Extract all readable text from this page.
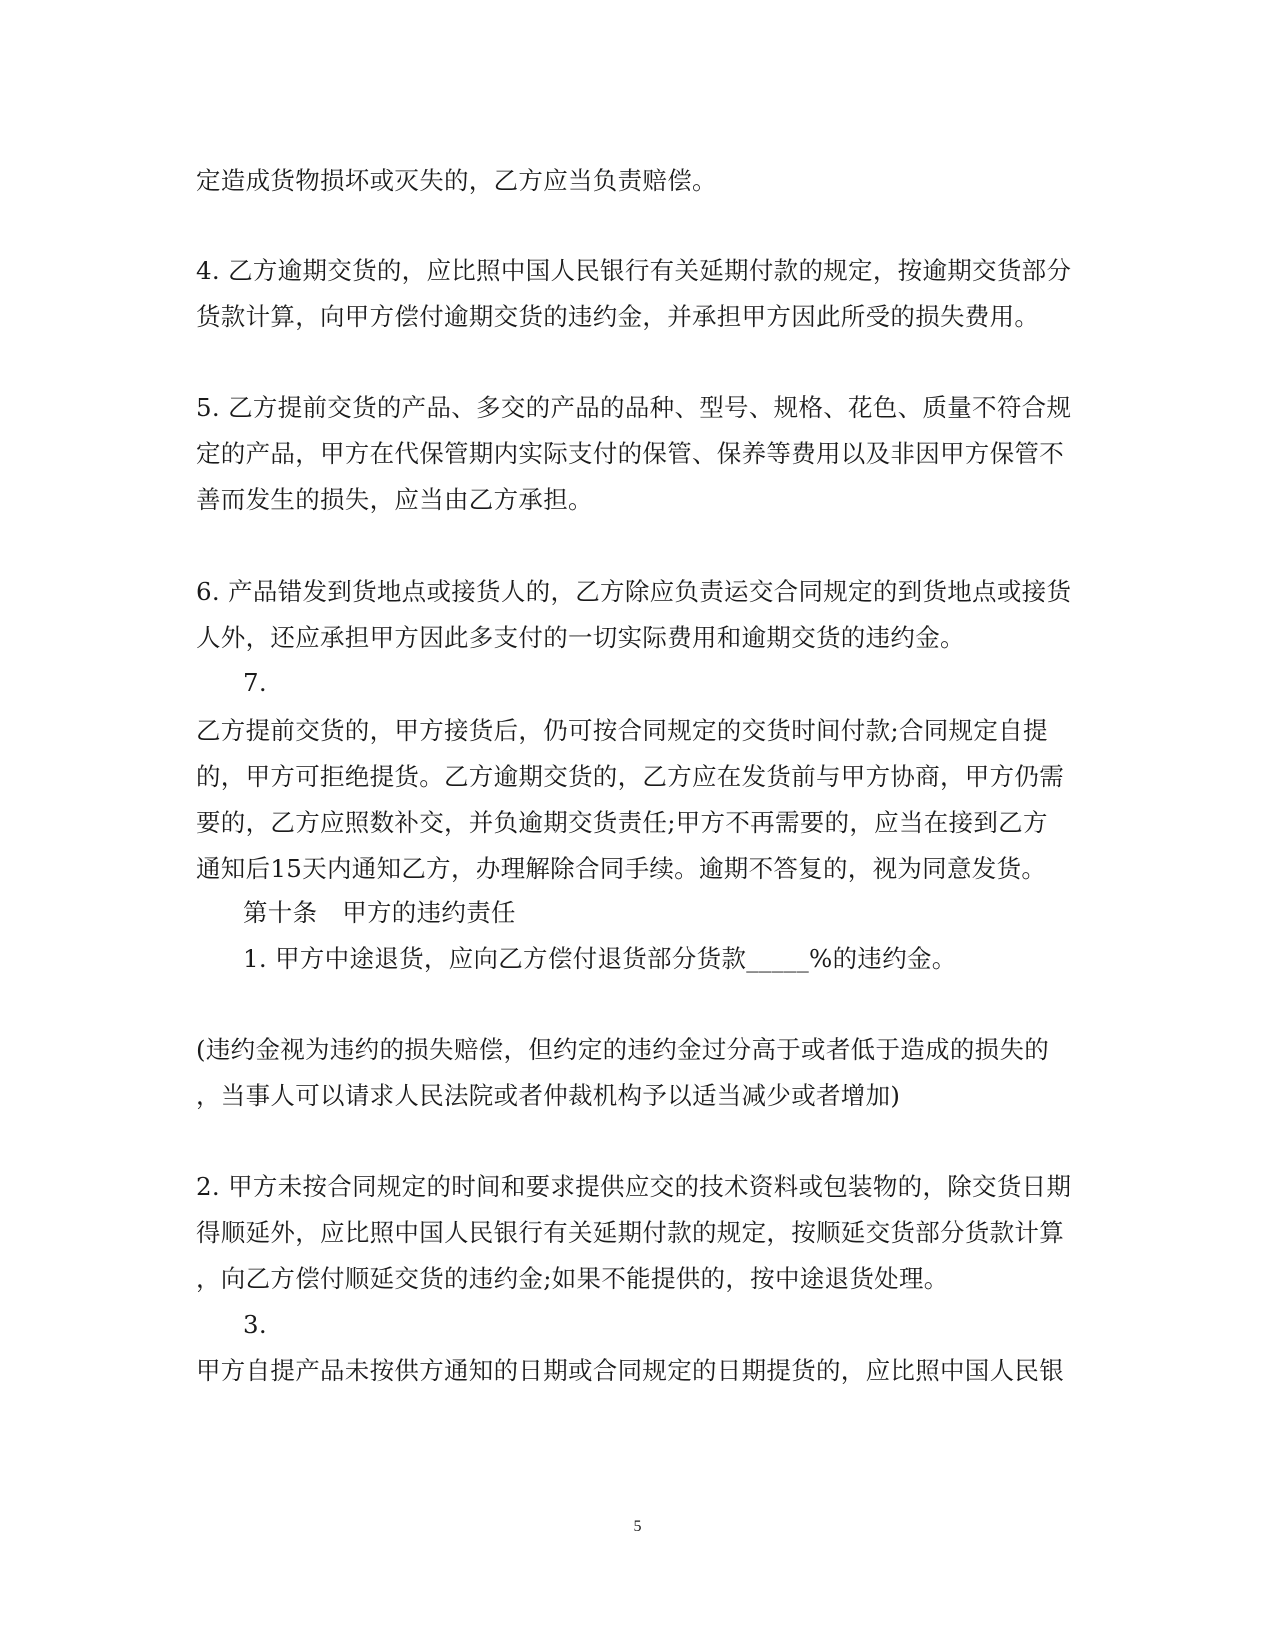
定造成货物损坏或灭失的，乙方应当负责赔偿。
4. 乙方逾期交货的，应比照中国人民银行有关延期付款的规定，按逾期交货部分
货款计算，向甲方偿付逾期交货的违约金，并承担甲方因此所受的损失费用。
5. 乙方提前交货的产品、多交的产品的品种、型号、规格、花色、质量不符合规
定的产品，甲方在代保管期内实际支付的保管、保养等费用以及非因甲方保管不
善而发生的损失，应当由乙方承担。
6. 产品错发到货地点或接货人的，乙方除应负责运交合同规定的到货地点或接货
人外，还应承担甲方因此多支付的一切实际费用和逾期交货的违约金。
7.
乙方提前交货的，甲方接货后，仍可按合同规定的交货时间付款;合同规定自提
的，甲方可拒绝提货。乙方逾期交货的，乙方应在发货前与甲方协商，甲方仍需
要的，乙方应照数补交，并负逾期交货责任;甲方不再需要的，应当在接到乙方
通知后15天内通知乙方，办理解除合同手续。逾期不答复的，视为同意发货。
第十条　甲方的违约责任
1. 甲方中途退货，应向乙方偿付退货部分货款_____%的违约金。
(违约金视为违约的损失赔偿，但约定的违约金过分高于或者低于造成的损失的
，当事人可以请求人民法院或者仲裁机构予以适当减少或者增加)
2. 甲方未按合同规定的时间和要求提供应交的技术资料或包装物的，除交货日期
得顺延外，应比照中国人民银行有关延期付款的规定，按顺延交货部分货款计算
，向乙方偿付顺延交货的违约金;如果不能提供的，按中途退货处理。
3.
甲方自提产品未按供方通知的日期或合同规定的日期提货的，应比照中国人民银
5
